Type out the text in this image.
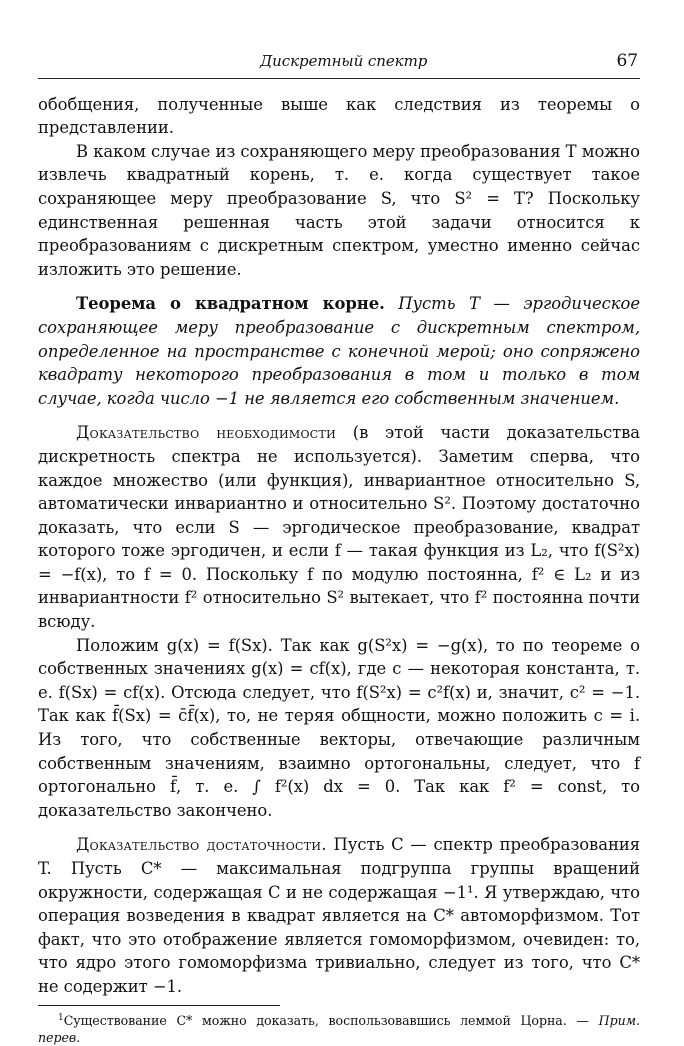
Дискретный спектр	67

обобщения, полученные выше как следствия из теоремы о представлении.

В каком случае из сохраняющего меру преобразования T можно извлечь квадратный корень, т. е. когда существует такое сохраняющее меру преобразование S, что S² = T? Поскольку единственная решенная часть этой задачи относится к преобразованиям с дискретным спектром, уместно именно сейчас изложить это решение.

Теорема о квадратном корне. Пусть T — эргодическое сохраняющее меру преобразование с дискретным спектром, определенное на пространстве с конечной мерой; оно сопряжено квадрату некоторого преобразования в том и только в том случае, когда число −1 не является его собственным значением.

Доказательство необходимости (в этой части доказательства дискретность спектра не используется). Заметим сперва, что каждое множество (или функция), инвариантное относительно S, автоматически инвариантно и относительно S². Поэтому достаточно доказать, что если S — эргодическое преобразование, квадрат которого тоже эргодичен, и если f — такая функция из L₂, что f(S²x) = −f(x), то f = 0. Поскольку f по модулю постоянна, f² ∈ L₂ и из инвариантности f² относительно S² вытекает, что f² постоянна почти всюду.

Положим g(x) = f(Sx). Так как g(S²x) = −g(x), то по теореме о собственных значениях g(x) = cf(x), где c — некоторая константа, т. е. f(Sx) = cf(x). Отсюда следует, что f(S²x) = c²f(x) и, значит, c² = −1. Так как f̄(Sx) = c̄f̄(x), то, не теряя общности, можно положить c = i. Из того, что собственные векторы, отвечающие различным собственным значениям, взаимно ортогональны, следует, что f ортогонально f̄, т. е. ∫ f²(x) dx = 0. Так как f² = const, то доказательство закончено.

Доказательство достаточности. Пусть C — спектр преобразования T. Пусть C* — максимальная подгруппа группы вращений окружности, содержащая C и не содержащая −1¹. Я утверждаю, что операция возведения в квадрат является на C* автоморфизмом. Тот факт, что это отображение является гомоморфизмом, очевиден: то, что ядро этого гомоморфизма тривиально, следует из того, что C* не содержит −1.

$^1$Существование C* можно доказать, воспользовавшись леммой Цорна. — Прим. перев.
